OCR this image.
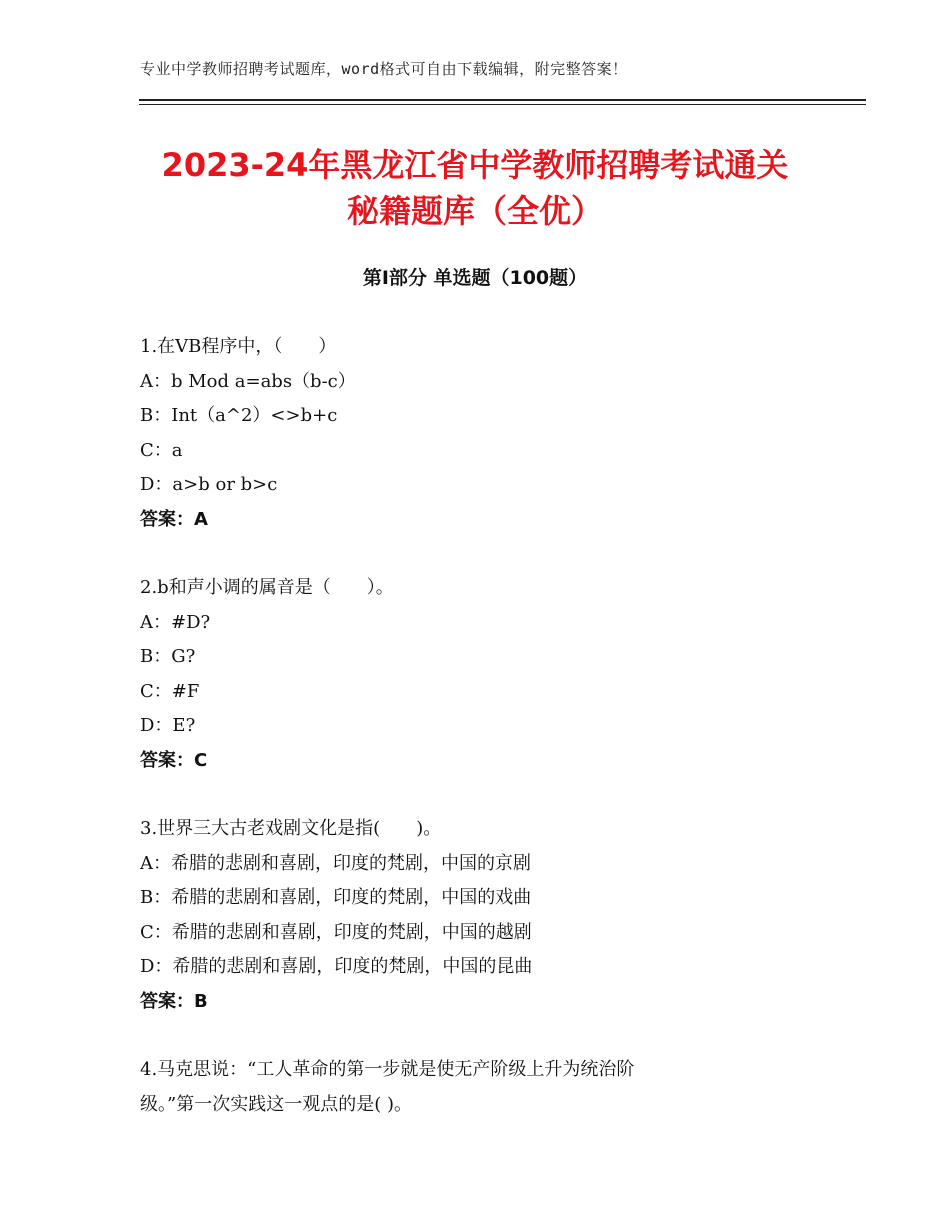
专业中学教师招聘考试题库，word格式可自由下载编辑，附完整答案！
2023-24年黑龙江省中学教师招聘考试通关
秘籍题库（全优）
第Ⅰ部分 单选题（100题）
1.在VB程序中，（　　）
A：b Mod a=abs（b-c）
B：Int（a^2）<>b+c
C：a
D：a>b or b>c
答案：A
2.b和声小调的属音是（　　）。
A：#D?
B：G?
C：#F
D：E?
答案：C
3.世界三大古老戏剧文化是指(　　)。
A：希腊的悲剧和喜剧，印度的梵剧，中国的京剧
B：希腊的悲剧和喜剧，印度的梵剧，中国的戏曲
C：希腊的悲剧和喜剧，印度的梵剧，中国的越剧
D：希腊的悲剧和喜剧，印度的梵剧，中国的昆曲
答案：B
4.马克思说：“工人革命的第一步就是使无产阶级上升为统治阶
级。”第一次实践这一观点的是( )。
